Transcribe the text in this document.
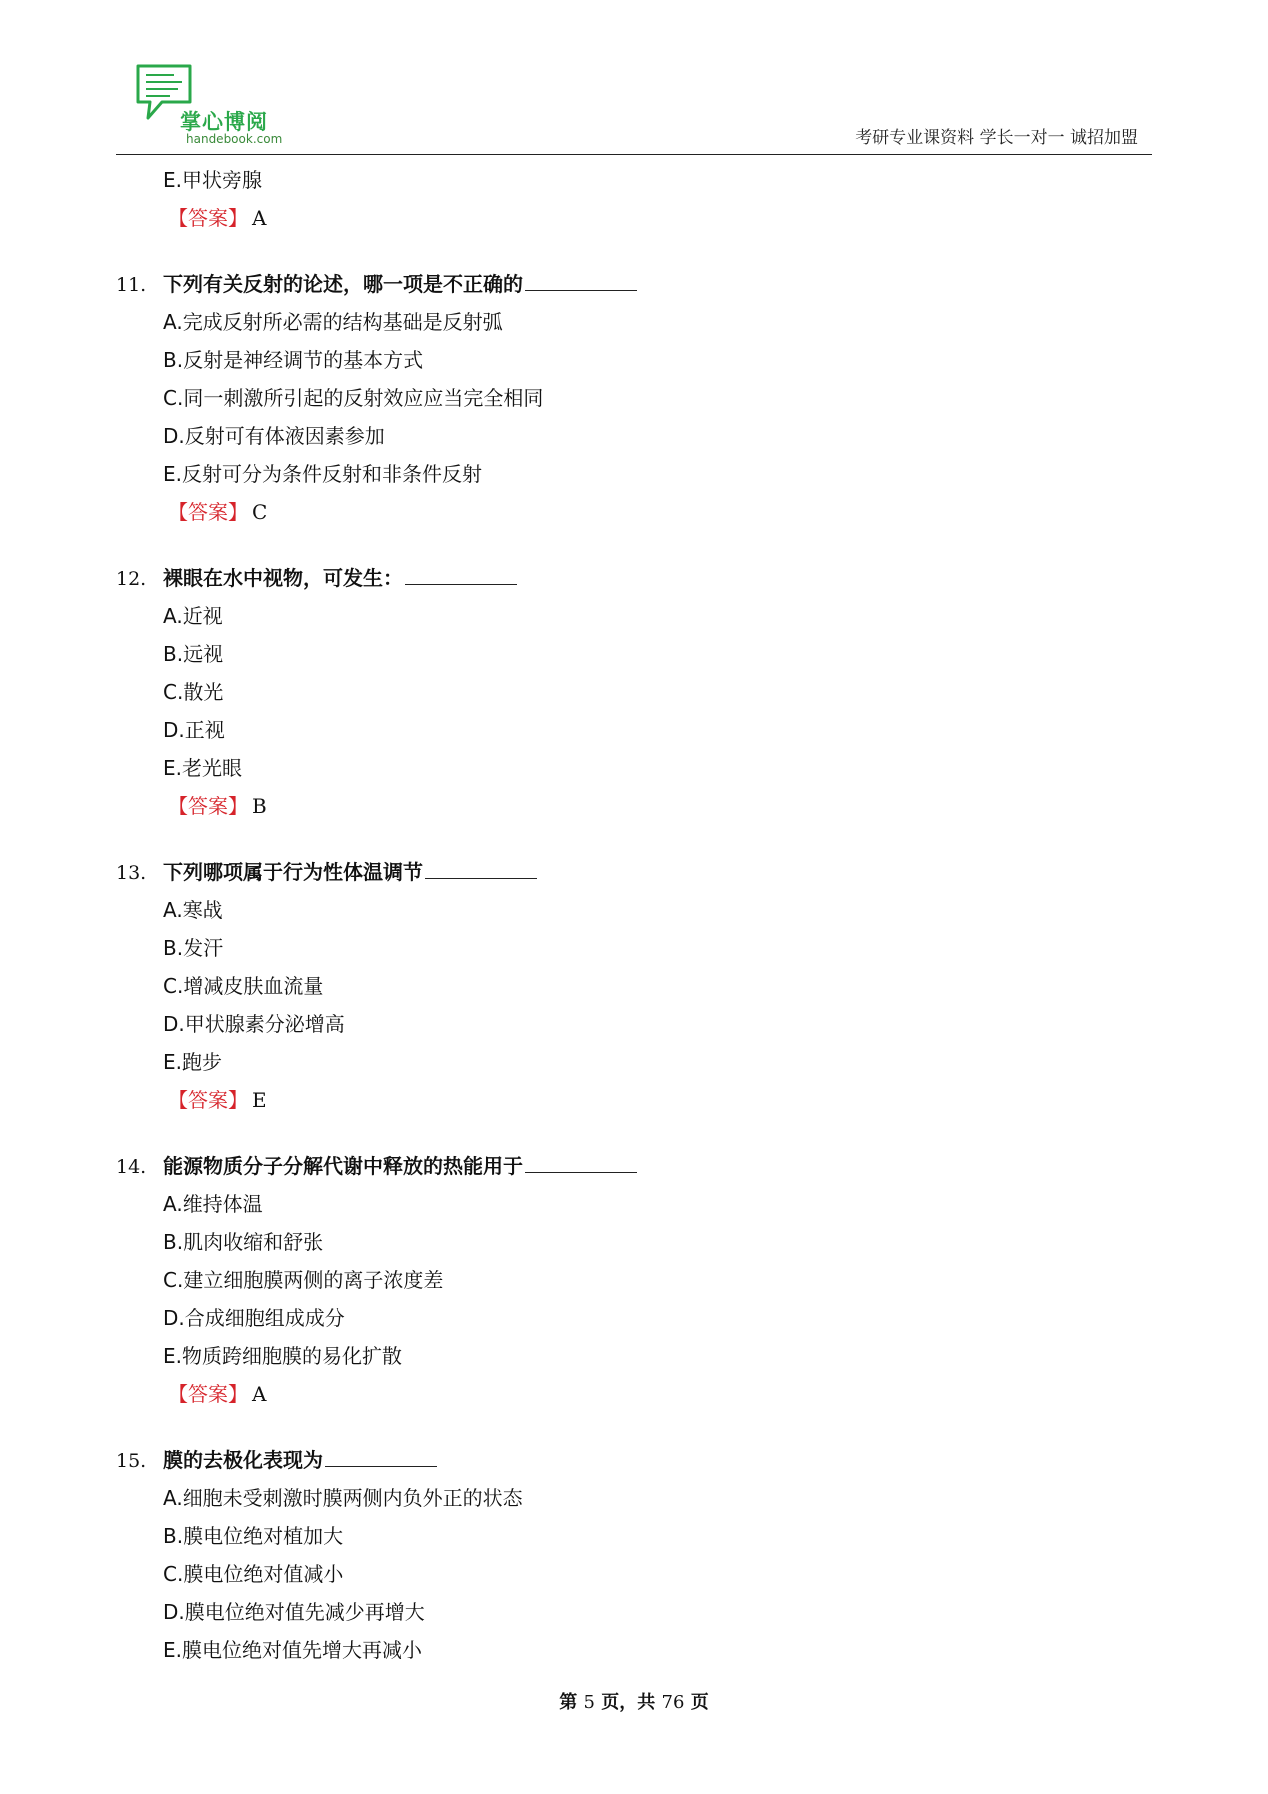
掌心博阅
handebook.com	考研专业课资料 学长一对一 诚招加盟
E.甲状旁腺
【答案】 A
11. 下列有关反射的论述，哪一项是不正确的
A.完成反射所必需的结构基础是反射弧
B.反射是神经调节的基本方式
C.同一刺激所引起的反射效应应当完全相同
D.反射可有体液因素参加
E.反射可分为条件反射和非条件反射
【答案】 C
12. 裸眼在水中视物，可发生：
A.近视
B.远视
C.散光
D.正视
E.老光眼
【答案】 B
13. 下列哪项属于行为性体温调节
A.寒战
B.发汗
C.增减皮肤血流量
D.甲状腺素分泌增高
E.跑步
【答案】 E
14. 能源物质分子分解代谢中释放的热能用于
A.维持体温
B.肌肉收缩和舒张
C.建立细胞膜两侧的离子浓度差
D.合成细胞组成成分
E.物质跨细胞膜的易化扩散
【答案】 A
15. 膜的去极化表现为
A.细胞未受刺激时膜两侧内负外正的状态
B.膜电位绝对植加大
C.膜电位绝对值减小
D.膜电位绝对值先减少再增大
E.膜电位绝对值先增大再减小
第 5 页，共 76 页
